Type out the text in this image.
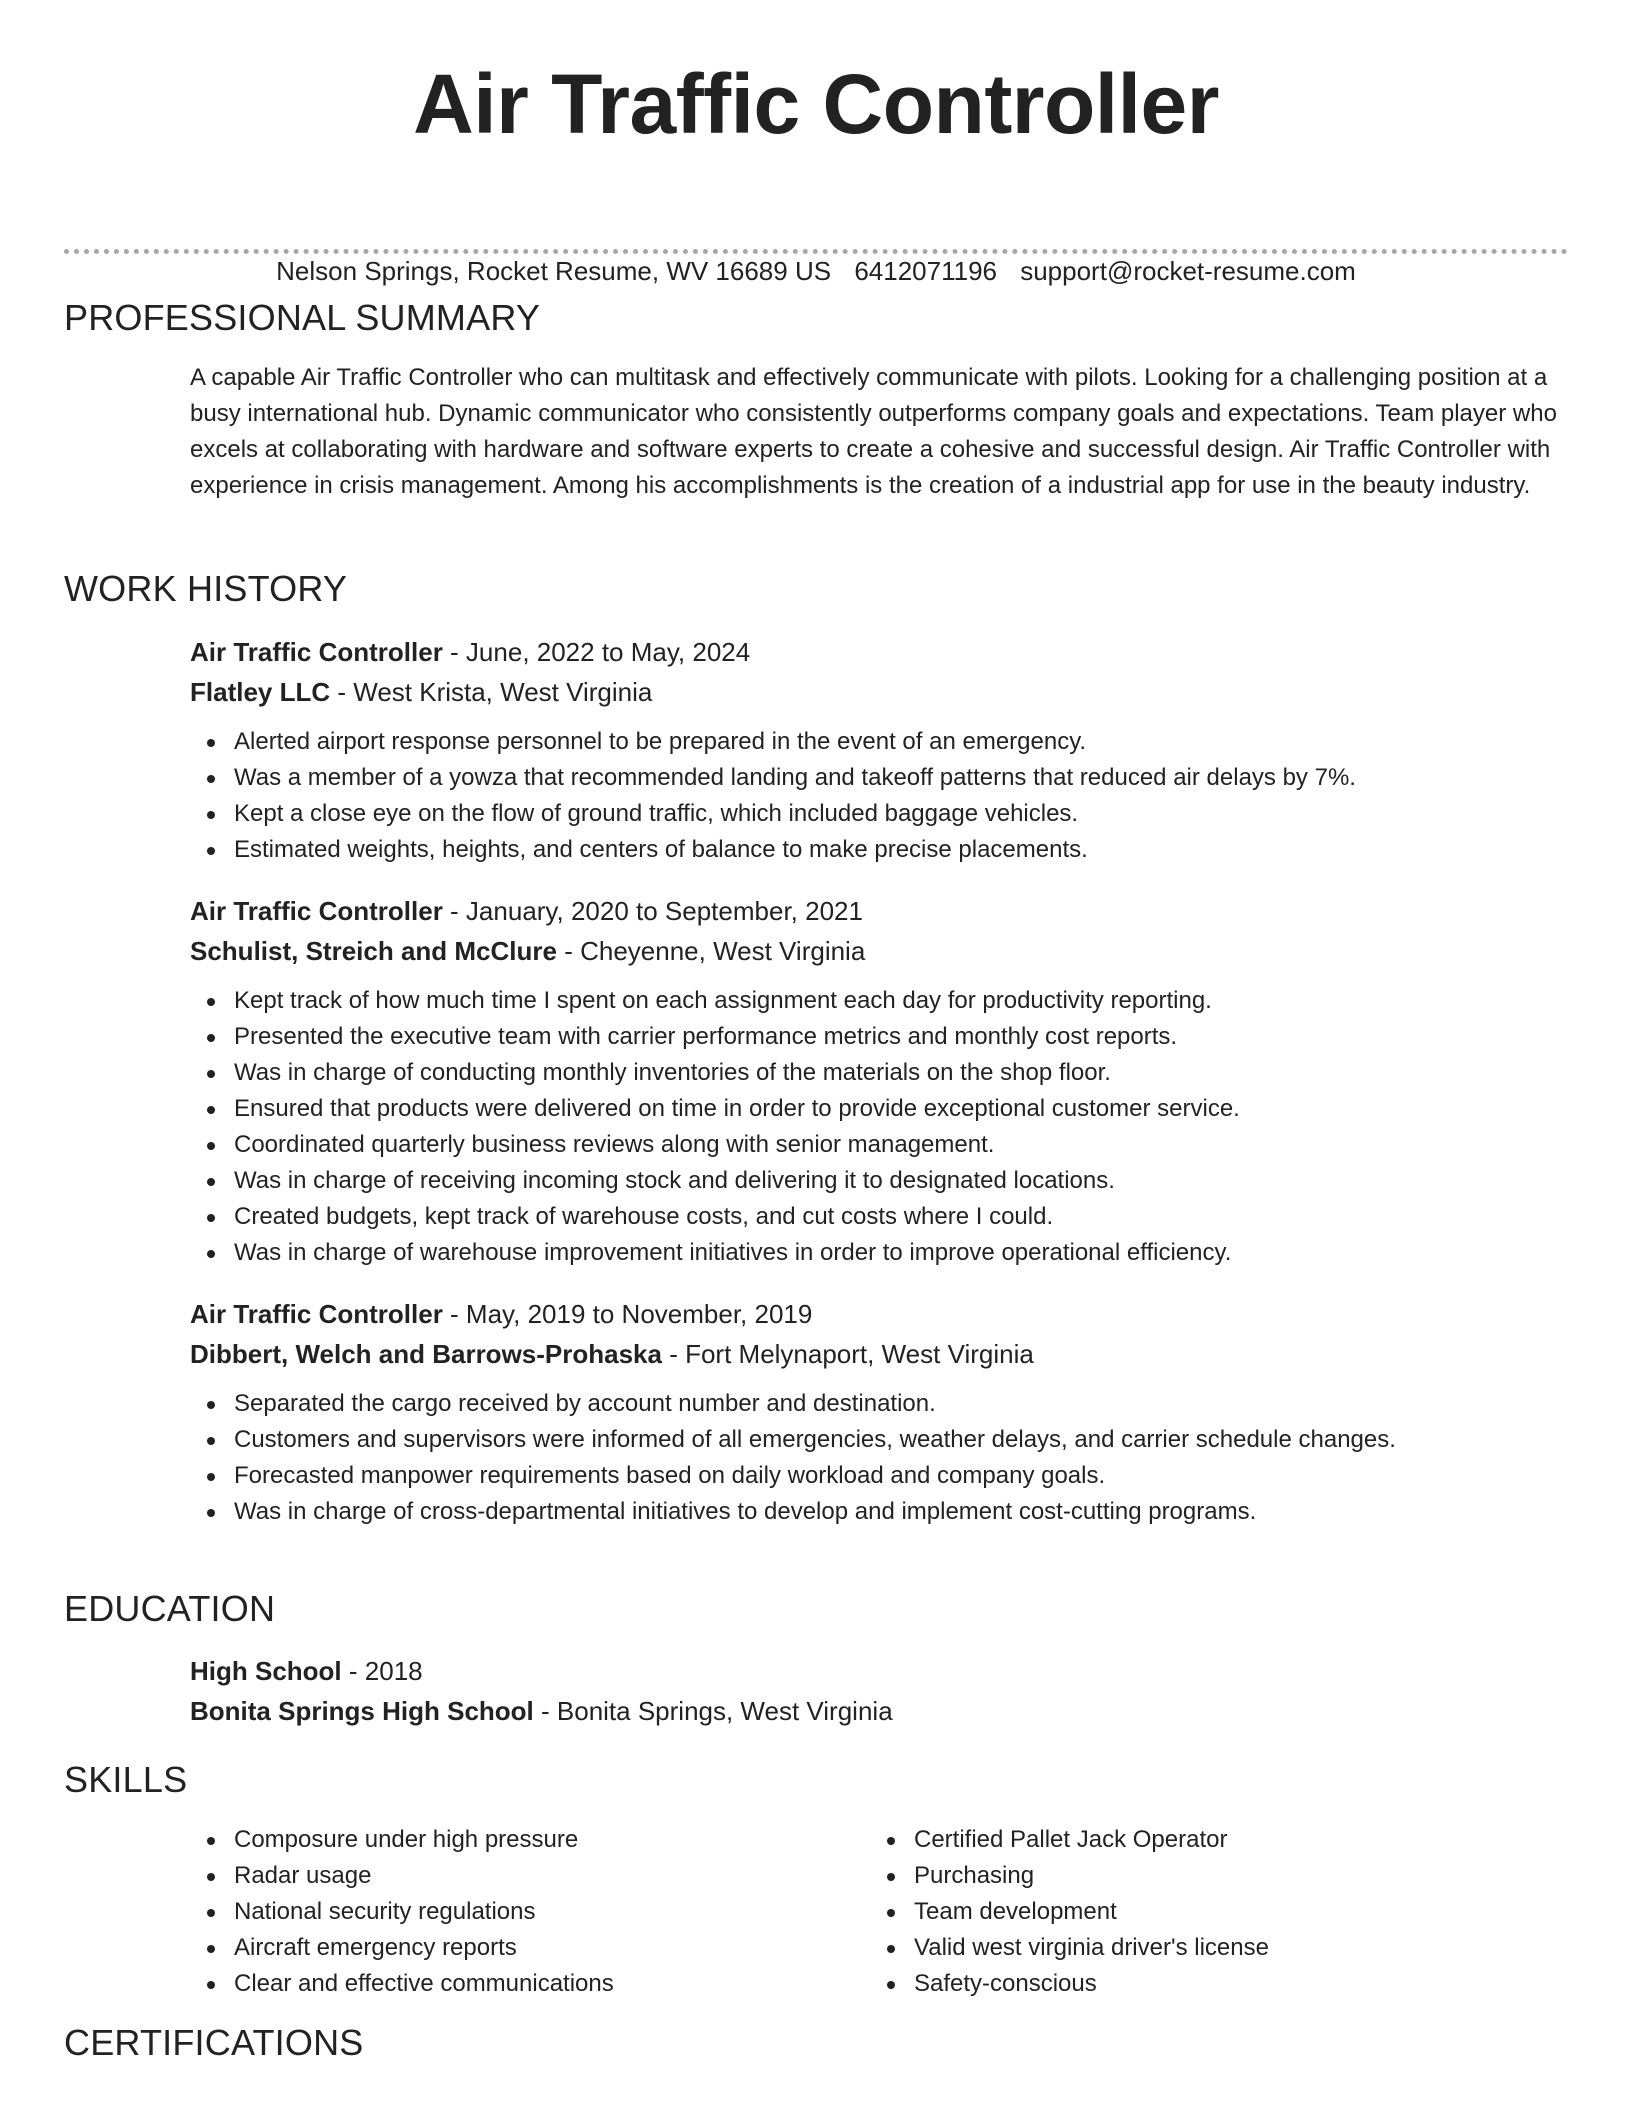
Air Traffic Controller
Nelson Springs, Rocket Resume, WV 16689 US 6412071196 support@rocket-resume.com
PROFESSIONAL SUMMARY

A capable Air Traffic Controller who can multitask and effectively communicate with pilots. Looking for a challenging position at a busy international hub. Dynamic communicator who consistently outperforms company goals and expectations. Team player who excels at collaborating with hardware and software experts to create a cohesive and successful design. Air Traffic Controller with experience in crisis management. Among his accomplishments is the creation of a industrial app for use in the beauty industry.

WORK HISTORY
Air Traffic Controller - June, 2022 to May, 2024
Flatley LLC - West Krista, West Virginia
Alerted airport response personnel to be prepared in the event of an emergency.
Was a member of a yowza that recommended landing and takeoff patterns that reduced air delays by 7%.
Kept a close eye on the flow of ground traffic, which included baggage vehicles.
Estimated weights, heights, and centers of balance to make precise placements.
Air Traffic Controller - January, 2020 to September, 2021
Schulist, Streich and McClure - Cheyenne, West Virginia
Kept track of how much time I spent on each assignment each day for productivity reporting.
Presented the executive team with carrier performance metrics and monthly cost reports.
Was in charge of conducting monthly inventories of the materials on the shop floor.
Ensured that products were delivered on time in order to provide exceptional customer service.
Coordinated quarterly business reviews along with senior management.
Was in charge of receiving incoming stock and delivering it to designated locations.
Created budgets, kept track of warehouse costs, and cut costs where I could.
Was in charge of warehouse improvement initiatives in order to improve operational efficiency.
Air Traffic Controller - May, 2019 to November, 2019
Dibbert, Welch and Barrows-Prohaska - Fort Melynaport, West Virginia
Separated the cargo received by account number and destination.
Customers and supervisors were informed of all emergencies, weather delays, and carrier schedule changes.
Forecasted manpower requirements based on daily workload and company goals.
Was in charge of cross-departmental initiatives to develop and implement cost-cutting programs.
EDUCATION
High School - 2018
Bonita Springs High School - Bonita Springs, West Virginia
SKILLS
Composure under high pressure
Radar usage
National security regulations
Aircraft emergency reports
Clear and effective communications
Certified Pallet Jack Operator
Purchasing
Team development
Valid west virginia driver's license
Safety-conscious
CERTIFICATIONS
